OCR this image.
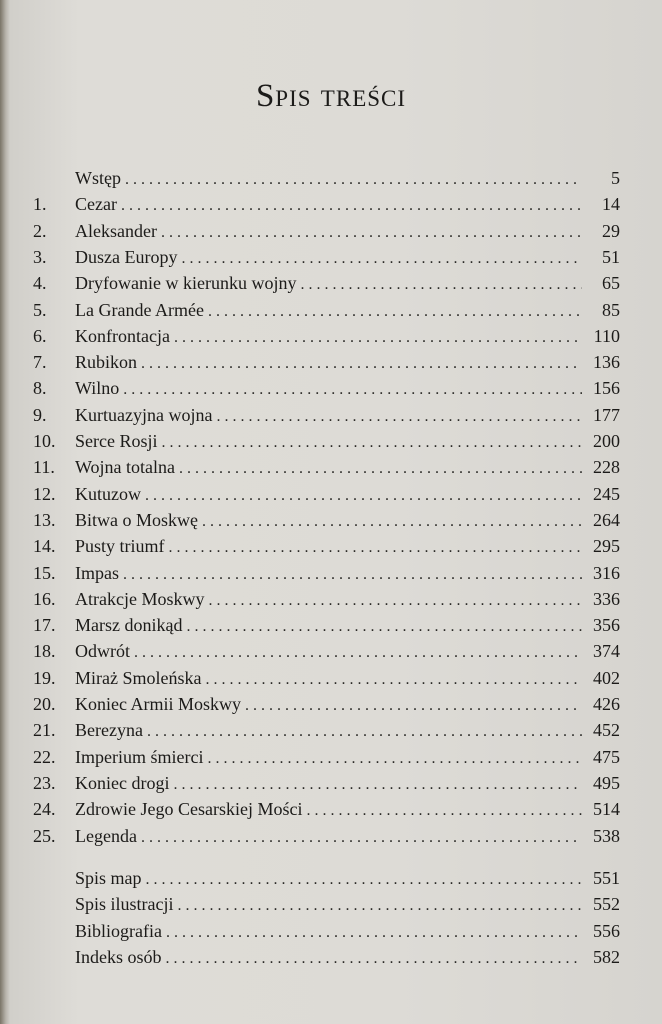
Spis treści
Wstęp . . .	5
1.	Cezar . . .	14
2.	Aleksander . . .	29
3.	Dusza Europy . . .	51
4.	Dryfowanie w kierunku wojny . . .	65
5.	La Grande Armée . . .	85
6.	Konfrontacja . . .	110
7.	Rubikon . . .	136
8.	Wilno . . .	156
9.	Kurtuazyjna wojna . . .	177
10.	Serce Rosji . . .	200
11.	Wojna totalna . . .	228
12.	Kutuzow . . .	245
13.	Bitwa o Moskwę . . .	264
14.	Pusty triumf . . .	295
15.	Impas . . .	316
16.	Atrakcje Moskwy . . .	336
17.	Marsz donikąd . . .	356
18.	Odwrót . . .	374
19.	Miraż Smoleńska . . .	402
20.	Koniec Armii Moskwy . . .	426
21.	Berezyna . . .	452
22.	Imperium śmierci . . .	475
23.	Koniec drogi . . .	495
24.	Zdrowie Jego Cesarskiej Mości . . .	514
25.	Legenda . . .	538
Spis map . . .	551
Spis ilustracji . . .	552
Bibliografia . . .	556
Indeks osób . . .	582
